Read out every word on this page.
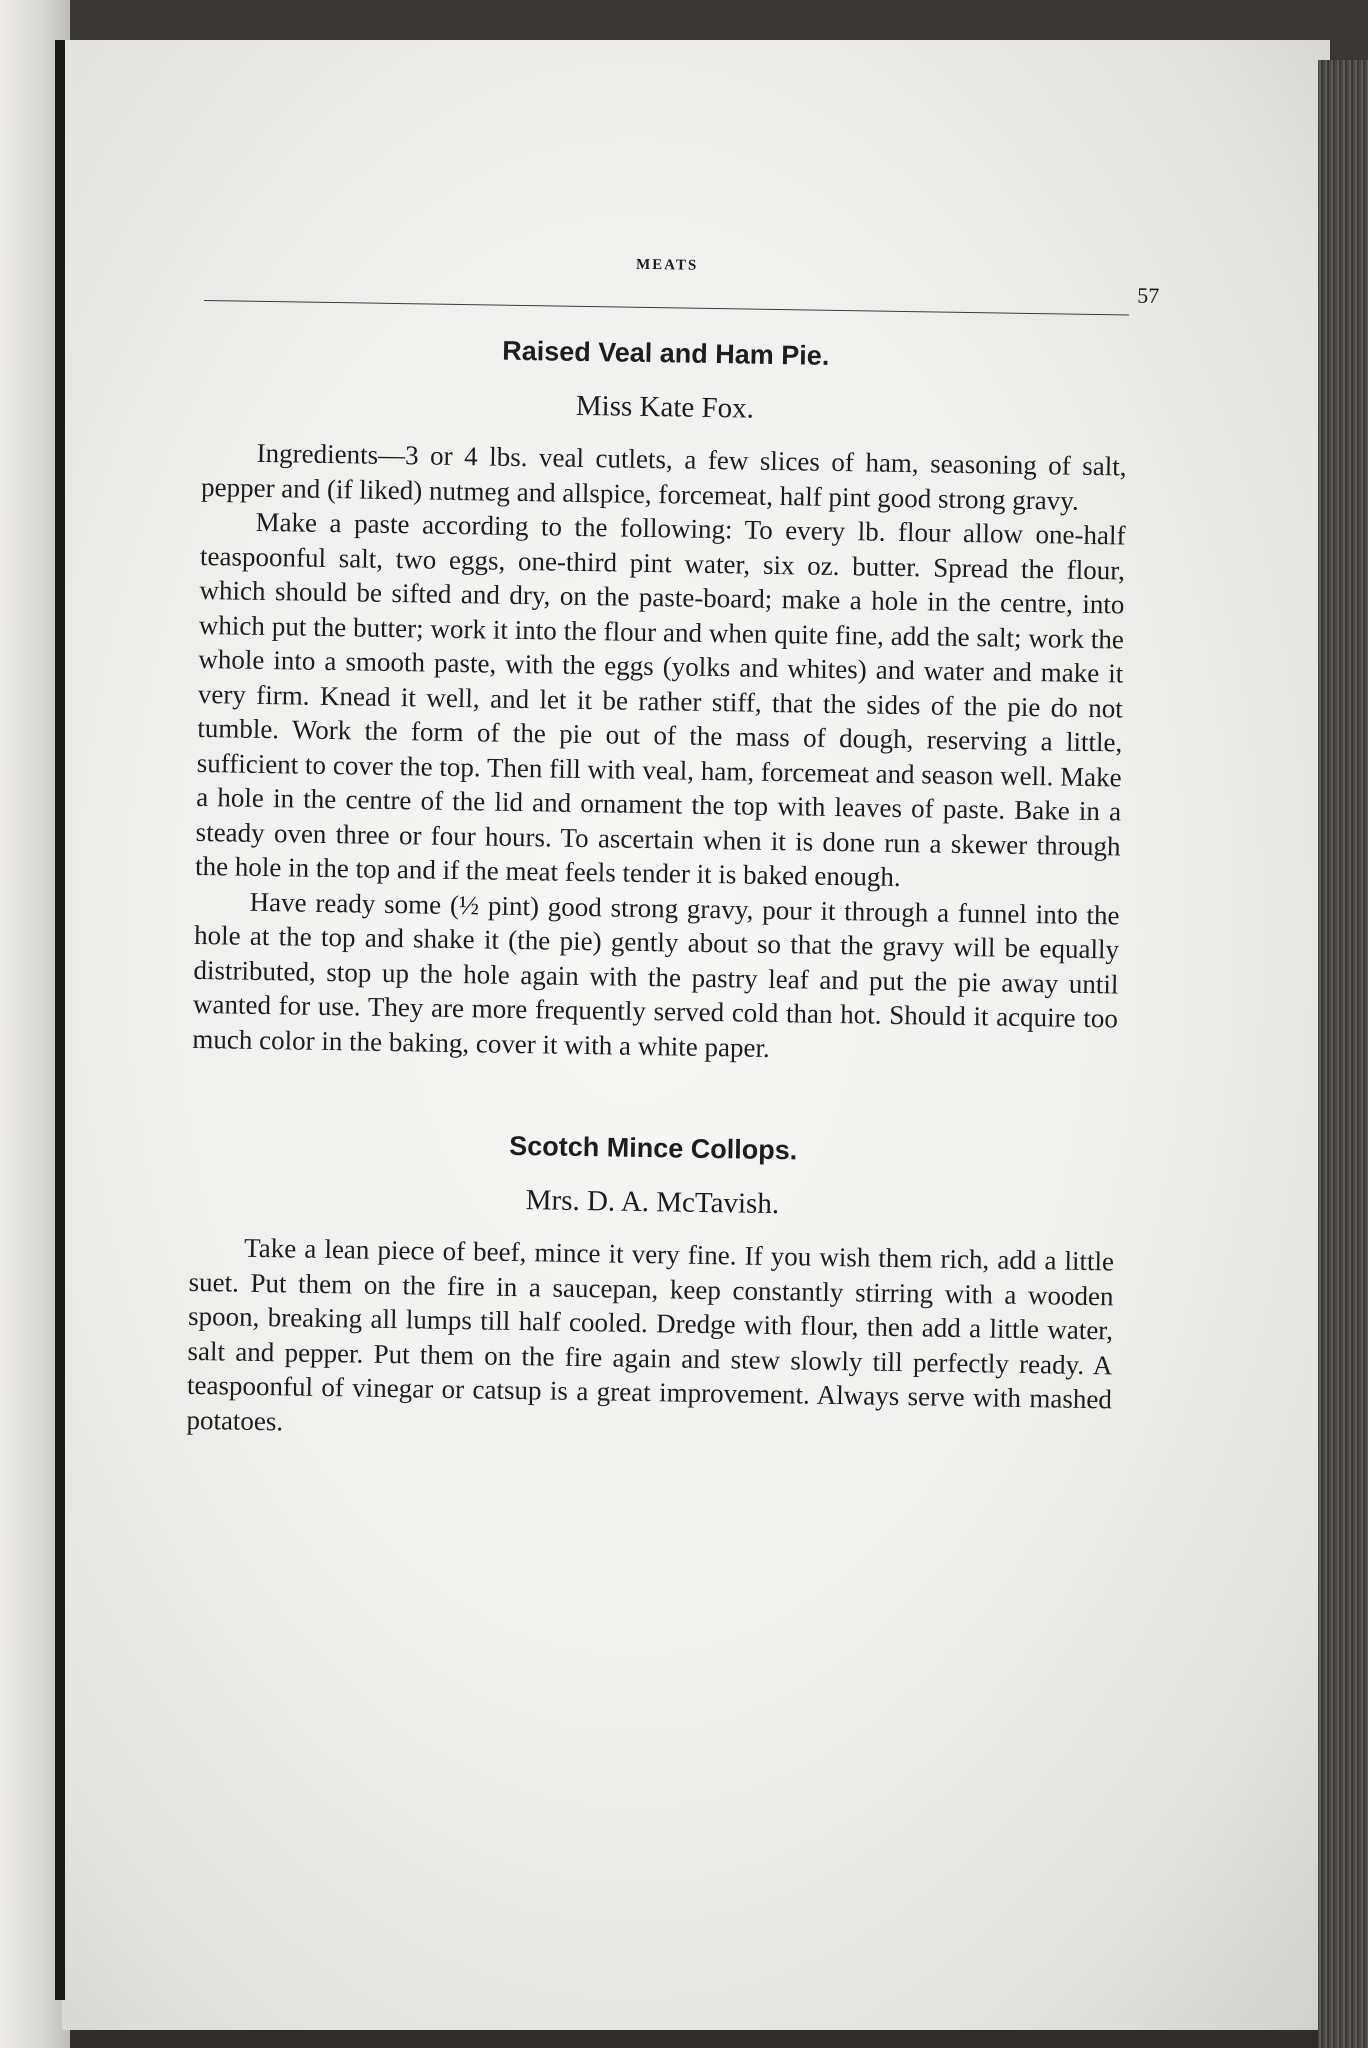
MEATS
57
Raised Veal and Ham Pie.
Miss Kate Fox.

Ingredients—3 or 4 lbs. veal cutlets, a few slices of ham, seasoning of salt, pepper and (if liked) nutmeg and allspice, forcemeat, half pint good strong gravy.

Make a paste according to the following: To every lb. flour allow one-half teaspoonful salt, two eggs, one-third pint water, six oz. butter. Spread the flour, which should be sifted and dry, on the paste-board; make a hole in the centre, into which put the butter; work it into the flour and when quite fine, add the salt; work the whole into a smooth paste, with the eggs (yolks and whites) and water and make it very firm. Knead it well, and let it be rather stiff, that the sides of the pie do not tumble. Work the form of the pie out of the mass of dough, reserving a little, sufficient to cover the top. Then fill with veal, ham, forcemeat and season well. Make a hole in the centre of the lid and ornament the top with leaves of paste. Bake in a steady oven three or four hours. To ascertain when it is done run a skewer through the hole in the top and if the meat feels tender it is baked enough.

Have ready some (½ pint) good strong gravy, pour it through a funnel into the hole at the top and shake it (the pie) gently about so that the gravy will be equally distributed, stop up the hole again with the pastry leaf and put the pie away until wanted for use. They are more frequently served cold than hot. Should it acquire too much color in the baking, cover it with a white paper.

Scotch Mince Collops.
Mrs. D. A. McTavish.

Take a lean piece of beef, mince it very fine. If you wish them rich, add a little suet. Put them on the fire in a saucepan, keep constantly stirring with a wooden spoon, breaking all lumps till half cooled. Dredge with flour, then add a little water, salt and pepper. Put them on the fire again and stew slowly till perfectly ready. A teaspoonful of vinegar or catsup is a great improvement. Always serve with mashed potatoes.
